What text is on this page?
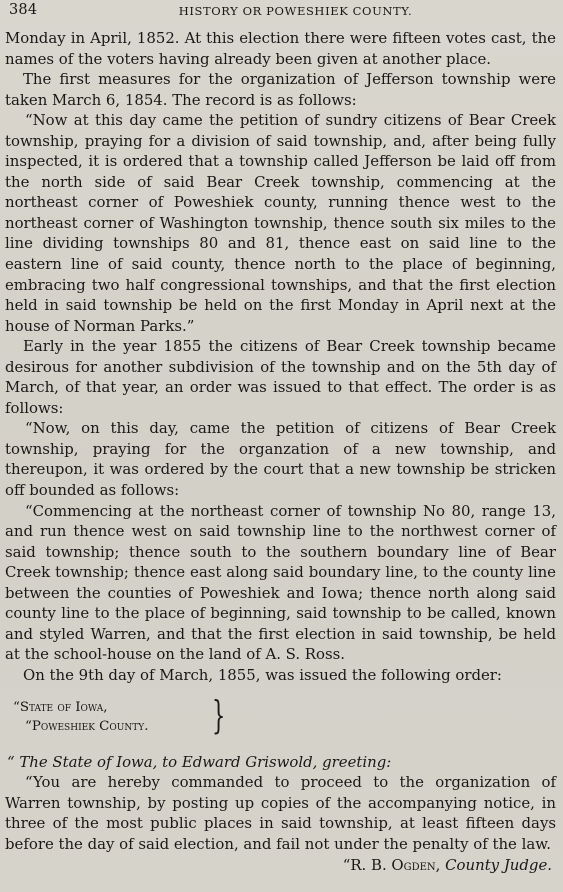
384	HISTORY OR POWESHIEK COUNTY.

Monday in April, 1852. At this election there were fifteen votes cast, the names of the voters having already been given at another place.

The first measures for the organization of Jefferson township were taken March 6, 1854. The record is as follows:

“Now at this day came the petition of sundry citizens of Bear Creek township, praying for a division of said township, and, after being fully inspected, it is ordered that a township called Jefferson be laid off from the north side of said Bear Creek township, commencing at the northeast corner of Poweshiek county, running thence west to the northeast corner of Washington township, thence south six miles to the line dividing townships 80 and 81, thence east on said line to the eastern line of said county, thence north to the place of beginning, embracing two half congressional townships, and that the first election held in said township be held on the first Monday in April next at the house of Norman Parks.”

Early in the year 1855 the citizens of Bear Creek township became desirous for another subdivision of the township and on the 5th day of March, of that year, an order was issued to that effect. The order is as follows:

“Now, on this day, came the petition of citizens of Bear Creek township, praying for the organzation of a new township, and thereupon, it was ordered by the court that a new township be stricken off bounded as follows:

“Commencing at the northeast corner of township No 80, range 13, and run thence west on said township line to the northwest corner of said township; thence south to the southern boundary line of Bear Creek township; thence east along said boundary line, to the county line between the counties of Poweshiek and Iowa; thence north along said county line to the place of beginning, said township to be called, known and styled Warren, and that the first election in said township, be held at the school-house on the land of A. S. Ross.

On the 9th day of March, 1855, was issued the following order:

“State of Iowa,
“Poweshiek County. }
“ The State of Iowa, to Edward Griswold, greeting:

“You are hereby commanded to proceed to the organization of Warren township, by posting up copies of the accompanying notice, in three of the most public places in said township, at least fifteen days before the day of said election, and fail not under the penalty of the law.

“R. B. Ogden, County Judge.
